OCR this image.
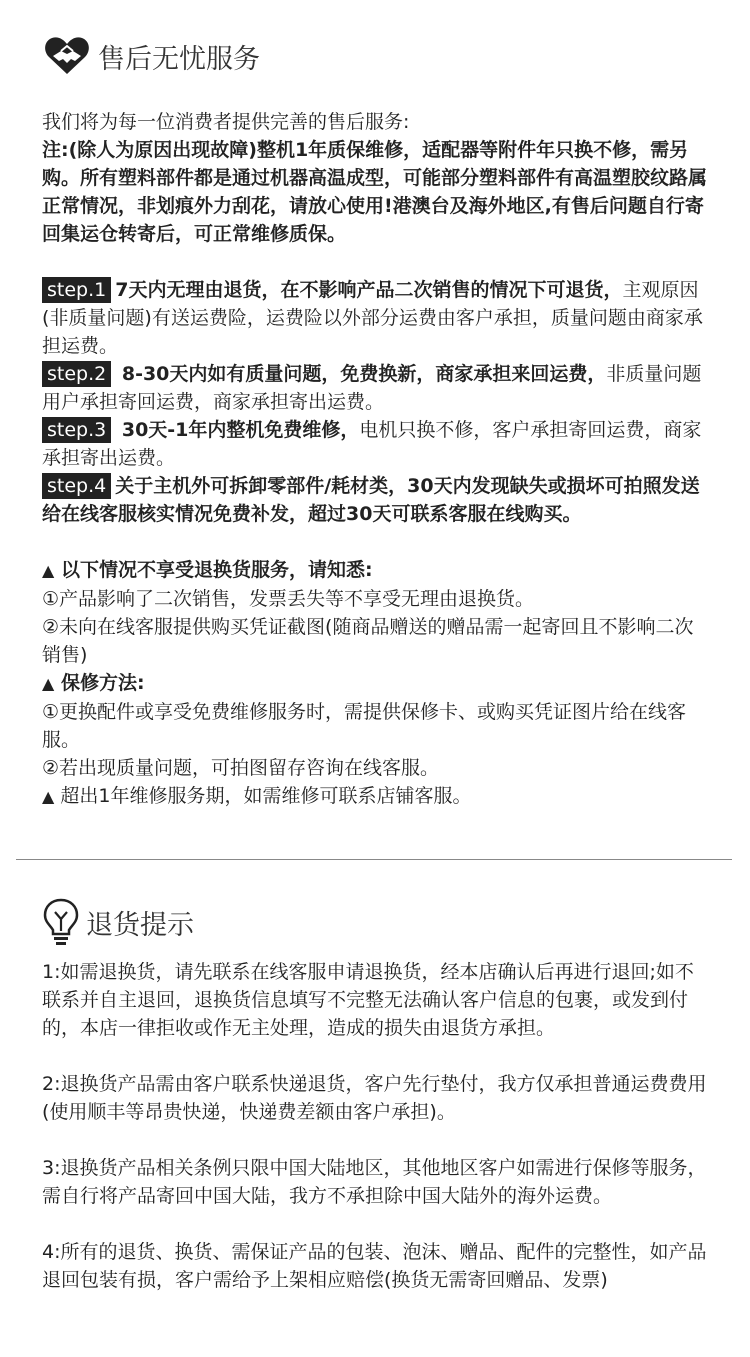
售后无忧服务

我们将为每一位消费者提供完善的售后服务:

注:(除人为原因出现故障)整机1年质保维修，适配器等附件年只换不修，需另购。所有塑料部件都是通过机器高温成型，可能部分塑料部件有高温塑胶纹路属正常情况，非划痕外力刮花，请放心使用!港澳台及海外地区,有售后问题自行寄回集运仓转寄后，可正常维修质保。

step.1 7天内无理由退货，在不影响产品二次销售的情况下可退货，主观原因(非质量问题)有送运费险，运费险以外部分运费由客户承担，质量问题由商家承担运费。

step.2 8-30天内如有质量问题，免费换新，商家承担来回运费，非质量问题用户承担寄回运费，商家承担寄出运费。

step.3 30天-1年内整机免费维修，电机只换不修，客户承担寄回运费，商家承担寄出运费。

step.4 关于主机外可拆卸零部件/耗材类，30天内发现缺失或损坏可拍照发送给在线客服核实情况免费补发，超过30天可联系客服在线购买。

▲ 以下情况不享受退换货服务，请知悉:

①产品影响了二次销售，发票丢失等不享受无理由退换货。

②未向在线客服提供购买凭证截图(随商品赠送的赠品需一起寄回且不影响二次销售)

▲ 保修方法:

①更换配件或享受免费维修服务时，需提供保修卡、或购买凭证图片给在线客服。

②若出现质量问题，可拍图留存咨询在线客服。

▲ 超出1年维修服务期，如需维修可联系店铺客服。

退货提示

1:如需退换货，请先联系在线客服申请退换货，经本店确认后再进行退回;如不联系并自主退回，退换货信息填写不完整无法确认客户信息的包裹，或发到付的，本店一律拒收或作无主处理，造成的损失由退货方承担。

2:退换货产品需由客户联系快递退货，客户先行垫付，我方仅承担普通运费费用(使用顺丰等昂贵快递，快递费差额由客户承担)。

3:退换货产品相关条例只限中国大陆地区，其他地区客户如需进行保修等服务，需自行将产品寄回中国大陆，我方不承担除中国大陆外的海外运费。

4:所有的退货、换货、需保证产品的包装、泡沫、赠品、配件的完整性，如产品退回包装有损，客户需给予上架相应赔偿(换货无需寄回赠品、发票)
